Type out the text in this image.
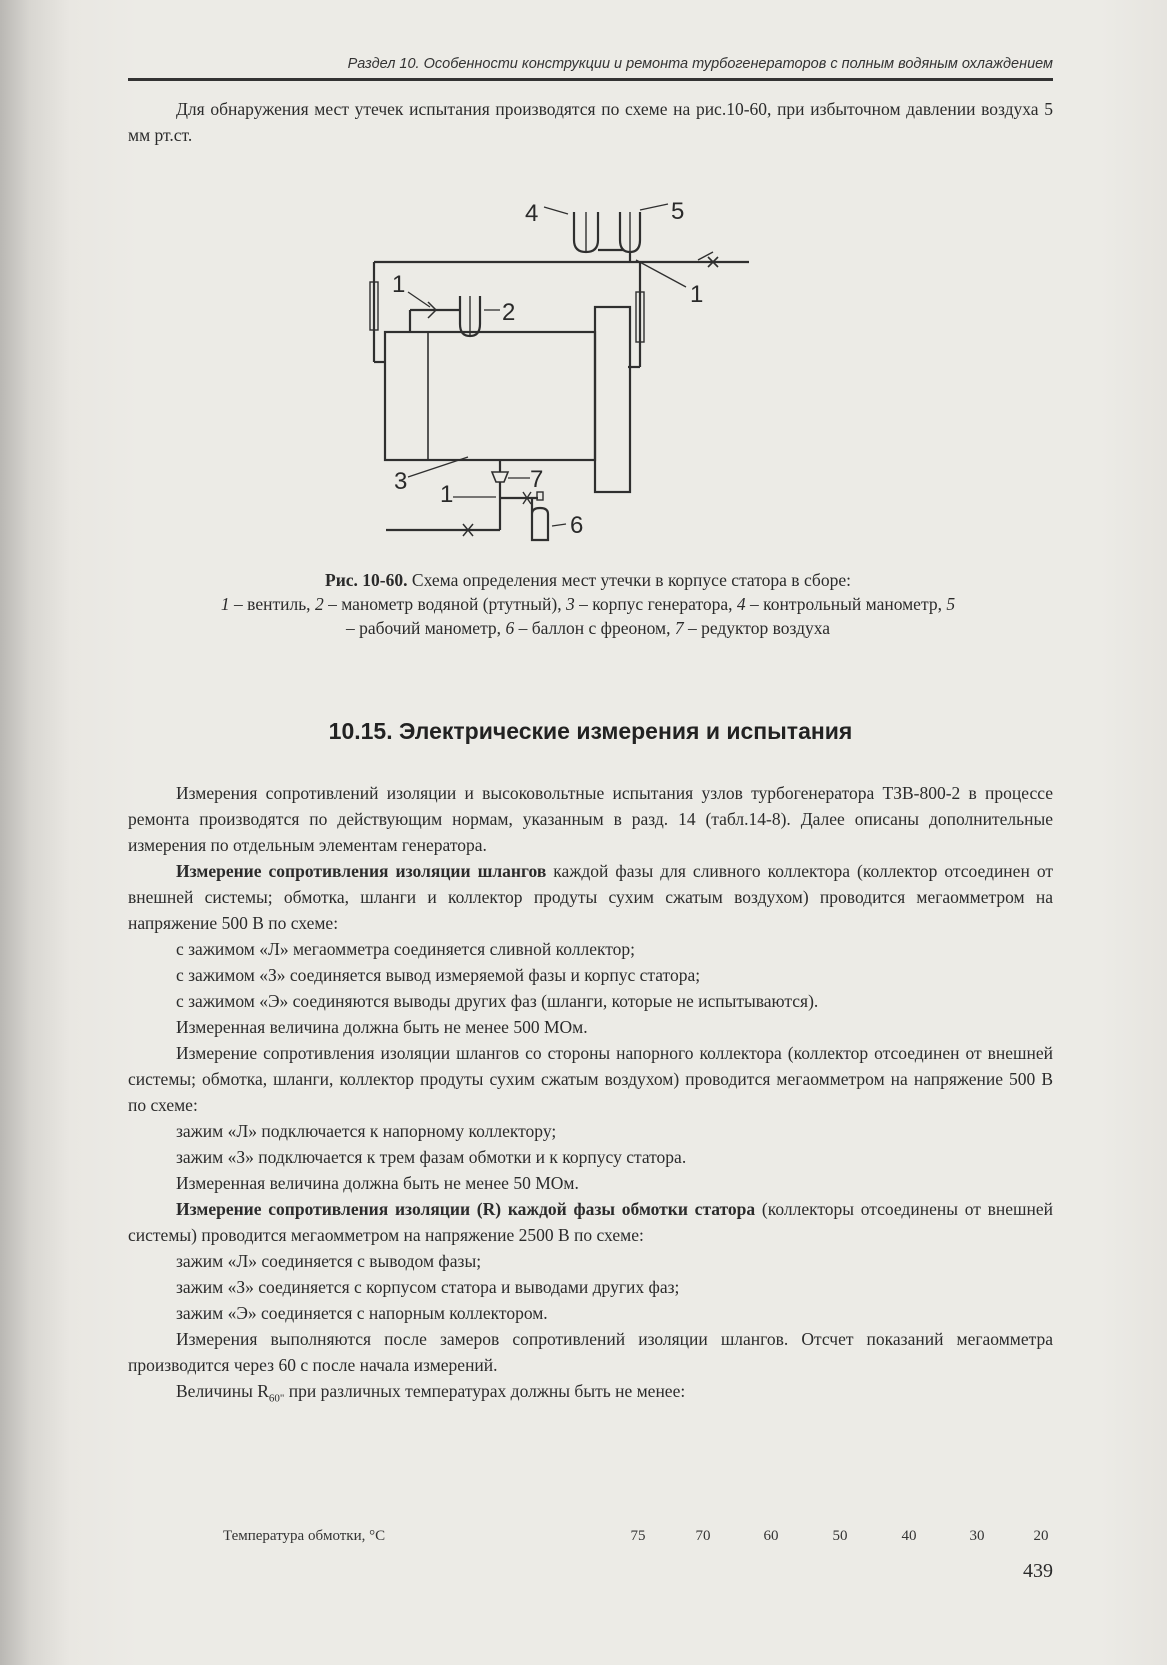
Раздел 10. Особенности конструкции и ремонта турбогенераторов с полным водяным охлаждением

Для обнаружения мест утечек испытания производятся по схеме на рис.10-60, при избыточном давлении воздуха 5 мм рт.ст.

4	5
1
1
2
3 1
7
6
Рис. 10-60. Схема определения мест утечки в корпусе статора в сборе:
1 – вентиль, 2 – манометр водяной (ртутный), 3 – корпус генератора, 4 – контрольный манометр, 5 – рабочий манометр, 6 – баллон с фреоном, 7 – редуктор воздуха
10.15. Электрические измерения и испытания

Измерения сопротивлений изоляции и высоковольтные испытания узлов турбогенератора ТЗВ-800-2 в процессе ремонта производятся по действующим нормам, указанным в разд. 14 (табл.14-8). Далее описаны дополнительные измерения по отдельным элементам генератора.

Измерение сопротивления изоляции шлангов каждой фазы для сливного коллектора (коллектор отсоединен от внешней системы; обмотка, шланги и коллектор продуты сухим сжатым воздухом) проводится мегаомметром на напряжение 500 В по схеме:

с зажимом «Л» мегаомметра соединяется сливной коллектор;

с зажимом «З» соединяется вывод измеряемой фазы и корпус статора;

с зажимом «Э» соединяются выводы других фаз (шланги, которые не испытываются).

Измеренная величина должна быть не менее 500 МОм.

Измерение сопротивления изоляции шлангов со стороны напорного коллектора (коллектор отсоединен от внешней системы; обмотка, шланги, коллектор продуты сухим сжатым воздухом) проводится мегаомметром на напряжение 500 В по схеме:

зажим «Л» подключается к напорному коллектору;

зажим «З» подключается к трем фазам обмотки и к корпусу статора.

Измеренная величина должна быть не менее 50 МОм.

Измерение сопротивления изоляции (R) каждой фазы обмотки статора (коллекторы отсоединены от внешней системы) проводится мегаомметром на напряжение 2500 В по схеме:

зажим «Л» соединяется с выводом фазы;

зажим «З» соединяется с корпусом статора и выводами других фаз;

зажим «Э» соединяется с напорным коллектором.

Измерения выполняются после замеров сопротивлений изоляции шлангов. Отсчет показаний мегаомметра производится через 60 с после начала измерений.

Величины $R_{60"}$ при различных температурах должны быть не менее:

Температура обмотки, °С	75	70	60	50	40	30	20
439
